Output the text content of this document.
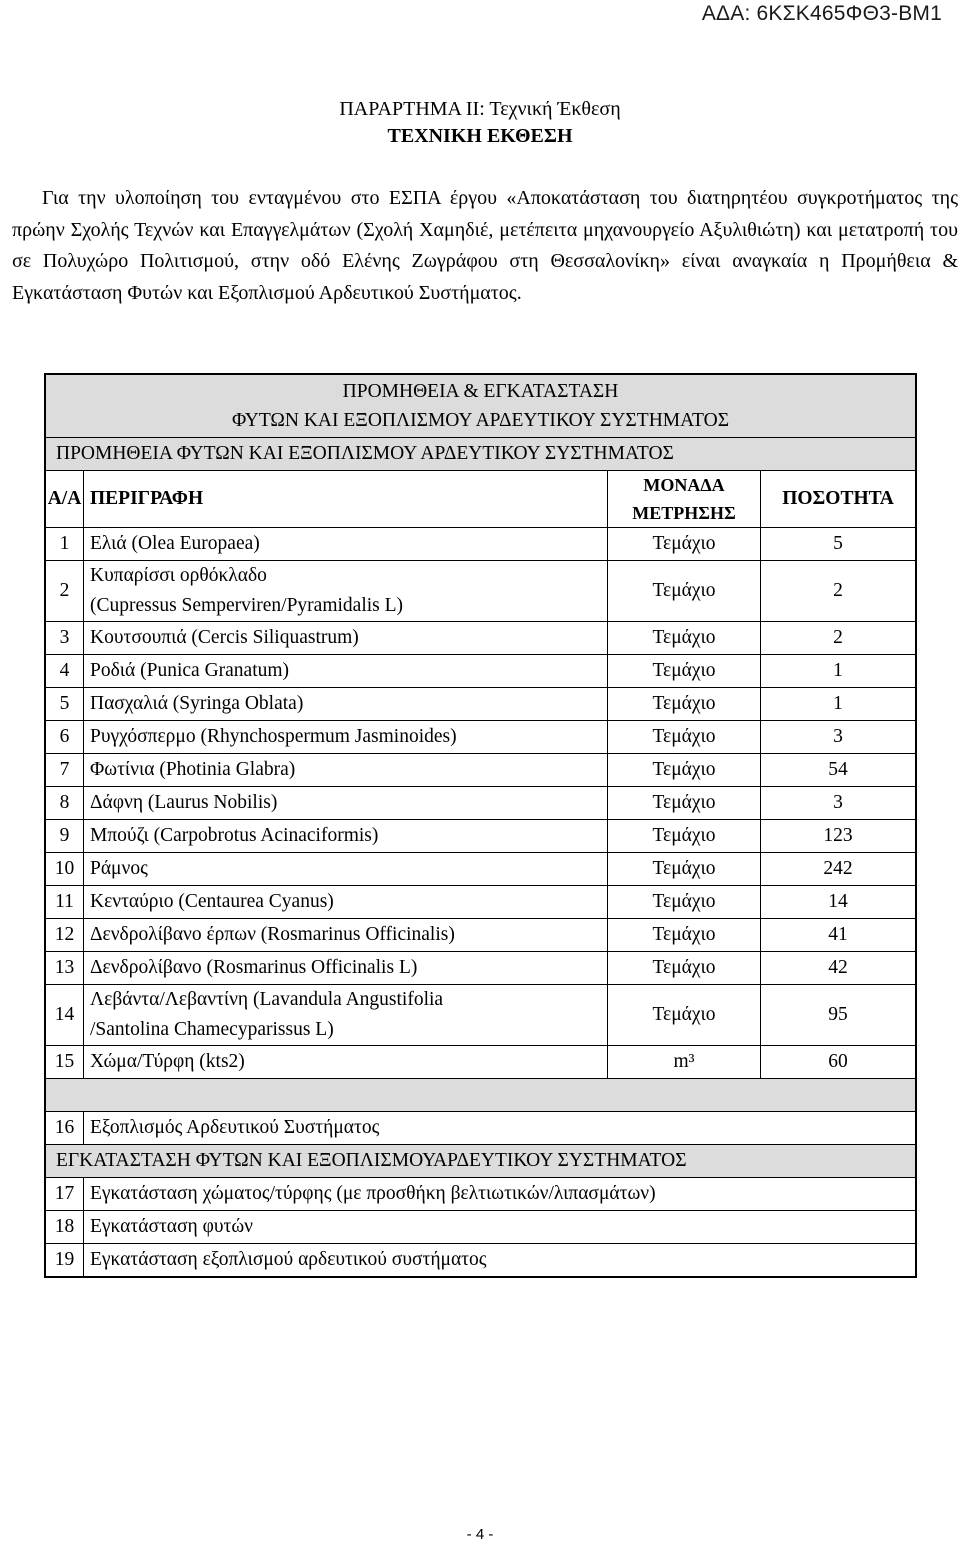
ΑΔΑ: 6ΚΣΚ465ΦΘ3-ΒΜ1
ΠΑΡΑΡΤΗΜΑ ΙΙ: Τεχνική Έκθεση
ΤΕΧΝΙΚΗ ΕΚΘΕΣΗ
Για την υλοποίηση του ενταγμένου στο ΕΣΠΑ έργου «Αποκατάσταση του διατηρητέου συγκροτήματος της πρώην Σχολής Τεχνών και Επαγγελμάτων (Σχολή Χαμηδιέ, μετέπειτα μηχανουργείο Αξυλιθιώτη) και μετατροπή του σε Πολυχώρο Πολιτισμού, στην οδό Ελένης Ζωγράφου στη Θεσσαλονίκη» είναι αναγκαία η Προμήθεια & Εγκατάσταση Φυτών και Εξοπλισμού Αρδευτικού Συστήματος.
ΠΡΟΜΗΘΕΙΑ & ΕΓΚΑΤΑΣΤΑΣΗ
ΦΥΤΩΝ ΚΑΙ ΕΞΟΠΛΙΣΜΟΥ ΑΡΔΕΥΤΙΚΟΥ ΣΥΣΤΗΜΑΤΟΣ			

ΠΡΟΜΗΘΕΙΑ ΦΥΤΩΝ ΚΑΙ ΕΞΟΠΛΙΣΜΟΥ ΑΡΔΕΥΤΙΚΟΥ ΣΥΣΤΗΜΑΤΟΣ			
Α/Α	ΠΕΡΙΓΡΑΦΗ	ΜΟΝΑΔΑ
ΜΕΤΡΗΣΗΣ	ΠΟΣΟΤΗΤΑ
1	Ελιά (Olea Europaea)	Τεμάχιο	5
2	Κυπαρίσσι ορθόκλαδο
(Cupressus Semperviren/Pyramidalis L)	Τεμάχιο	2
3	Κουτσουπιά (Cercis Siliquastrum)	Τεμάχιο	2
4	Ροδιά (Punica Granatum)	Τεμάχιο	1
5	Πασχαλιά (Syringa Oblata)	Τεμάχιο	1
6	Ρυγχόσπερμο (Rhynchospermum Jasminoides)	Τεμάχιο	3
7	Φωτίνια (Photinia Glabra)	Τεμάχιο	54
8	Δάφνη (Laurus Nobilis)	Τεμάχιο	3
9	Μπούζι (Carpobrotus Acinaciformis)	Τεμάχιο	123
10	Ράμνος	Τεμάχιο	242
11	Κενταύριο (Centaurea Cyanus)	Τεμάχιο	14
12	Δενδρολίβανο έρπων (Rosmarinus Officinalis)	Τεμάχιο	41
13	Δενδρολίβανο (Rosmarinus Officinalis L)	Τεμάχιο	42
14	Λεβάντα/Λεβαντίνη (Lavandula Angustifolia
/Santolina Chamecyparissus L)	Τεμάχιο	95
15	Χώμα/Τύρφη (kts2)	m³	60

16	Εξοπλισμός Αρδευτικού Συστήματος		
ΕΓΚΑΤΑΣΤΑΣΗ ΦΥΤΩΝ ΚΑΙ ΕΞΟΠΛΙΣΜΟΥΑΡΔΕΥΤΙΚΟΥ ΣΥΣΤΗΜΑΤΟΣ			
17	Εγκατάσταση χώματος/τύρφης (με προσθήκη βελτιωτικών/λιπασμάτων)		
18	Εγκατάσταση φυτών		
19	Εγκατάσταση εξοπλισμού αρδευτικού συστήματος		
- 4 -
